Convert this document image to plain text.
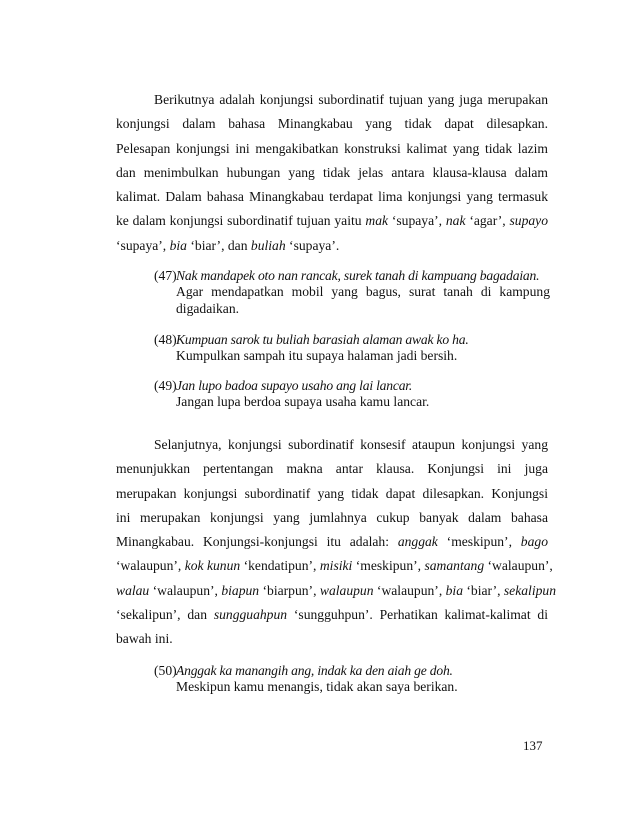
Berikutnya adalah konjungsi subordinatif tujuan yang juga merupakan
konjungsi dalam bahasa Minangkabau yang tidak dapat dilesapkan.
Pelesapan konjungsi ini mengakibatkan konstruksi kalimat yang tidak lazim
dan menimbulkan hubungan yang tidak jelas antara klausa-klausa dalam
kalimat. Dalam bahasa Minangkabau terdapat lima konjungsi yang termasuk
ke dalam konjungsi subordinatif tujuan yaitu mak ‘supaya’, nak ‘agar’, supayo
‘supaya’, bia ‘biar’, dan buliah ‘supaya’.
(47) Nak mandapek oto nan rancak, surek tanah di kampuang bagadaian.
Agar mendapatkan mobil yang bagus, surat tanah di kampung
digadaikan.
(48) Kumpuan sarok tu buliah barasiah alaman awak ko ha.
Kumpulkan sampah itu supaya halaman jadi bersih.
(49) Jan lupo badoa supayo usaho ang lai lancar.
Jangan lupa berdoa supaya usaha kamu lancar.
Selanjutnya, konjungsi subordinatif konsesif ataupun konjungsi yang
menunjukkan pertentangan makna antar klausa. Konjungsi ini juga
merupakan konjungsi subordinatif yang tidak dapat dilesapkan. Konjungsi
ini merupakan konjungsi yang jumlahnya cukup banyak dalam bahasa
Minangkabau. Konjungsi-konjungsi itu adalah: anggak ‘meskipun’, bago
‘walaupun’, kok kunun ‘kendatipun’, misiki ‘meskipun’, samantang ‘walaupun’,
walau ‘walaupun’, biapun ‘biarpun’, walaupun ‘walaupun’, bia ‘biar’, sekalipun
‘sekalipun’, dan sungguahpun ‘sungguhpun’. Perhatikan kalimat-kalimat di
bawah ini.
(50) Anggak ka manangih ang, indak ka den aiah ge doh.
Meskipun kamu menangis, tidak akan saya berikan.
137
